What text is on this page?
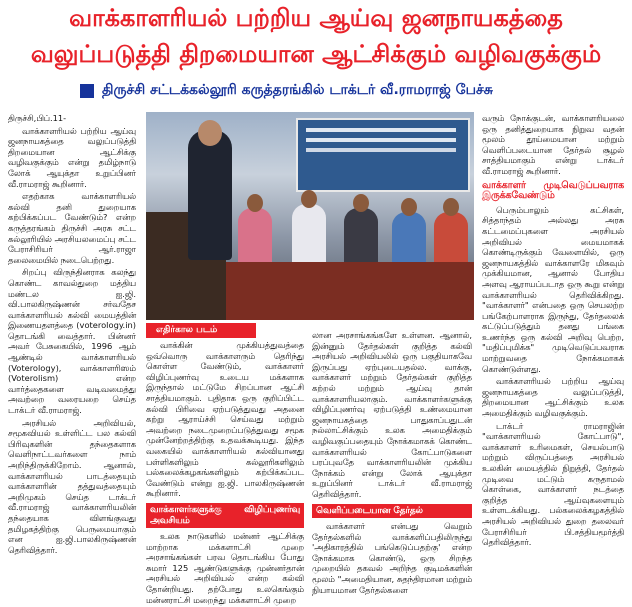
வாக்காளரியல் பற்றிய ஆய்வு ஜனநாயகத்தை
வலுப்படுத்தி திறமையான ஆட்சிக்கும் வழிவகுக்கும்
திருச்சி சட்டக்கல்லூரி கருத்தரங்கில் டாக்டர் வீ.ராமராஜ் பேச்சு

திருச்சி,பிப்.11-

வாக்காளரியல் பற்றிய ஆய்வு ஜனநாயகத்தை வலுப்படுத்தி திறமையான ஆட்சிக்கு வழிவகுக்கும் என்று தமிழ்நாடு லோக் ஆயுக்தா உறுப்பினர் வீ.ராமராஜ் கூறினார்.

எதற்காக வாக்காளரியல் கல்வி தனி துறையாக கற்பிக்கப்பட வேண்டும்? என்ற கருத்தரங்கம் திருச்சி அரசு சட்ட கல்லூரியில் அரசியலமைப்பு சட்ட பேராசிரியர் ஆர்.ராஜா தலைமையில் நடைபெற்றது.

சிறப்பு விருந்தினராக கலந்து கொண்ட காவல்துறை மத்திய மண்டல ஐ.ஜி. வி.பாலகிருஷ்ணன் சர்வதேச வாக்காளரியல் கல்வி மையத்தின் இணையதளத்தை (voterology.in) தொடங்கி வைத்தார். பின்னர் அவர் பேசுகையில், 1996 ஆம் ஆண்டில் வாக்காளரியல் (Voterology), வாக்காளரிஸம் (Voterolism) என்ற வார்த்தைகளை வடிவமைத்து அவற்றை வரையறை செய்த டாக்டர் வீ.ராமராஜ்.

அரசியல் அறிவியல், சமூகவியல் உள்ளிட்ட பல கல்வி பிரிவுகளின் தந்தைகளாக வெளிநாட்டவர்களை நாம் அறிந்திருக்கிறோம். ஆனால், வாக்காளரியல் பாடத்தையும் வாக்காளரின் தத்துவத்தையும் அறிமுகம் செய்த டாக்டர் வீ.ராமராஜ் வாக்காளரியலின் தந்தையாக விளங்குவது தமிழகத்திற்கு பெருமையாகும் என ஐ.ஜி.பாலகிருஷ்ணன் தெரிவித்தார்.

எதிர்கால படம்

வாக்கின் முக்கியத்துவத்தை ஒவ்வொரு வாக்காளரும் தெரிந்து கொள்ள வேண்டும், வாக்காளர் விழிப்புணர்வு உடைய மக்களாக இருந்தால் மட்டுமே சிறப்பான ஆட்சி சாத்தியமாகும். புதிதாக ஒரு குறிப்பிட்ட கல்வி பிரிவை ஏற்படுத்துவது அதனை கற்று ஆராய்ச்சி செய்வது மற்றும் அவற்றை நடைமுறைப்படுத்துவது சமூக முன்னேற்றத்திற்கு உதவக்கூடியது. இந்த வகையில் வாக்காளரியல் கல்வியானது பள்ளிகளிலும் கல்லூரிகளிலும் பல்கலைக்கழகங்களிலும் கற்பிக்கப்பட வேண்டும் என்று ஐ.ஜி. பாலகிருஷ்ணன் கூறினார்.

வாக்காளர்களுக்கு விழிப்புணர்வு அவசியம்

உலக நாடுகளில் மன்னர் ஆட்சிக்கு மாற்றாக மக்களாட்சி முறை அரசாங்கங்கள் பரவ தொடங்கிய போது சுமார் 125 ஆண்டுகளுக்கு முன்னர்தான் அரசியல் அறிவியல் என்ற கல்வி தோன்றியது. தற்போது உலகெங்கும் மன்னராட்சி மறைந்து மக்களாட்சி முறை

லான அரசாங்கங்களே உள்ளன. ஆனால், இன்னும் தேர்தல்கள் குறித்த கல்வி அரசியல் அறிவியலில் ஒரு பகுதியாகவே இருப்பது ஏற்புடையதல்ல. வாக்கு, வாக்காளர் மற்றும் தேர்தல்கள் குறித்த கற்றல் மற்றும் ஆய்வு தான் வாக்காளரியலாகும். வாக்காளர்களுக்கு விழிப்புணர்வு ஏற்படுத்தி உண்மையான ஜனநாயகத்தை பாதுகாப்பதுடன் நல்லாட்சிக்கும் உலக அமைதிக்கும் வழிவகுப்பதையும் நோக்கமாகக் கொண்ட வாக்காளரியல் கோட்பாடுகளை பரப்புவதே வாக்காளரியலின் முக்கிய நோக்கம் என்று லோக் ஆயுக்தா உறுப்பினர் டாக்டர் வீ.ராமராஜ் தெரிவித்தார்.

வெளிப்படையான தேர்தல்

வாக்காளர் என்பது வெறும் தேர்தல்களில் வாக்களிப்பதிலிருந்து 'அதிகாரத்தில் பங்கெடுப்பதற்கு' என்ற நோக்கமாக கொண்டு, ஒரு சிறந்த முறையில் தகவல் அறிந்த குடிமக்களின் மூலம் "அமைதியான, சுதந்திரமான மற்றும் நியாயமான தேர்தல்களை

வரும் நோக்குடன், வாக்காளரியலை ஒரு தனித்துறையாக நிறுவ வதன் மூலம் தூய்மையான மற்றும் வெளிப்படையான தேர்தல் சூழல் சாத்தியமாகும் என்று டாக்டர் வீ.ராமராஜ் கூறினார்.

வாக்காளர் முடிவெடுப்பவராக இருக்கவேண்டும்

பெரும்பாலும் கட்சிகள், சித்தாந்தம் அல்லது அரசு கட்டமைப்புகளை அரசியல் அறிவியல் மையமாகக் கொண்டிருக்கும் வேளையில், ஒரு ஜனநாயகத்தில் வாக்காளரே மிகவும் முக்கியமான, ஆனால் போதிய அளவு ஆராயப்படாத ஒரு கூறு என்று வாக்காளரியல் தெரிவிக்கிறது. "வாக்காளர்" என்பதை ஒரு செயலற்ற பங்கேற்பாளராக இருந்து, தேர்தலைக் கட்டுப்படுத்தும் தனது பங்கை உணர்ந்த ஒரு கல்வி அறிவு பெற்ற, "மதிப்புமிக்க" முடிவெடுப்பவராக மாற்றுவதை நோக்கமாகக் கொண்டுள்ளது.

வாக்காளரியல் பற்றிய ஆய்வு ஜனநாயகத்தை வலுப்படுத்தி, திறமையான ஆட்சிக்கும் உலக அமைதிக்கும் வழிவகுக்கும்.

டாக்டர் ராமராஜின் "வாக்காளரியல் கோட்பாடு", வாக்காளர் உரிமைகள், செயல்பாடு மற்றும் விருப்பத்தை அரசியல் உலகின் மையத்தில் நிறுத்தி, தேர்தல் முடிவை மட்டும் கருதாமல் கொள்கை, வாக்காளர் நடத்தை குறித்த ஆய்வுகளையும் உள்ளடக்கியது. பல்கலைக்கழகத்தில் அரசியல் அறிவியல் துறை தலைவர் பேராசிரியர் பி.சத்தியமூர்த்தி தெரிவித்தார்.
